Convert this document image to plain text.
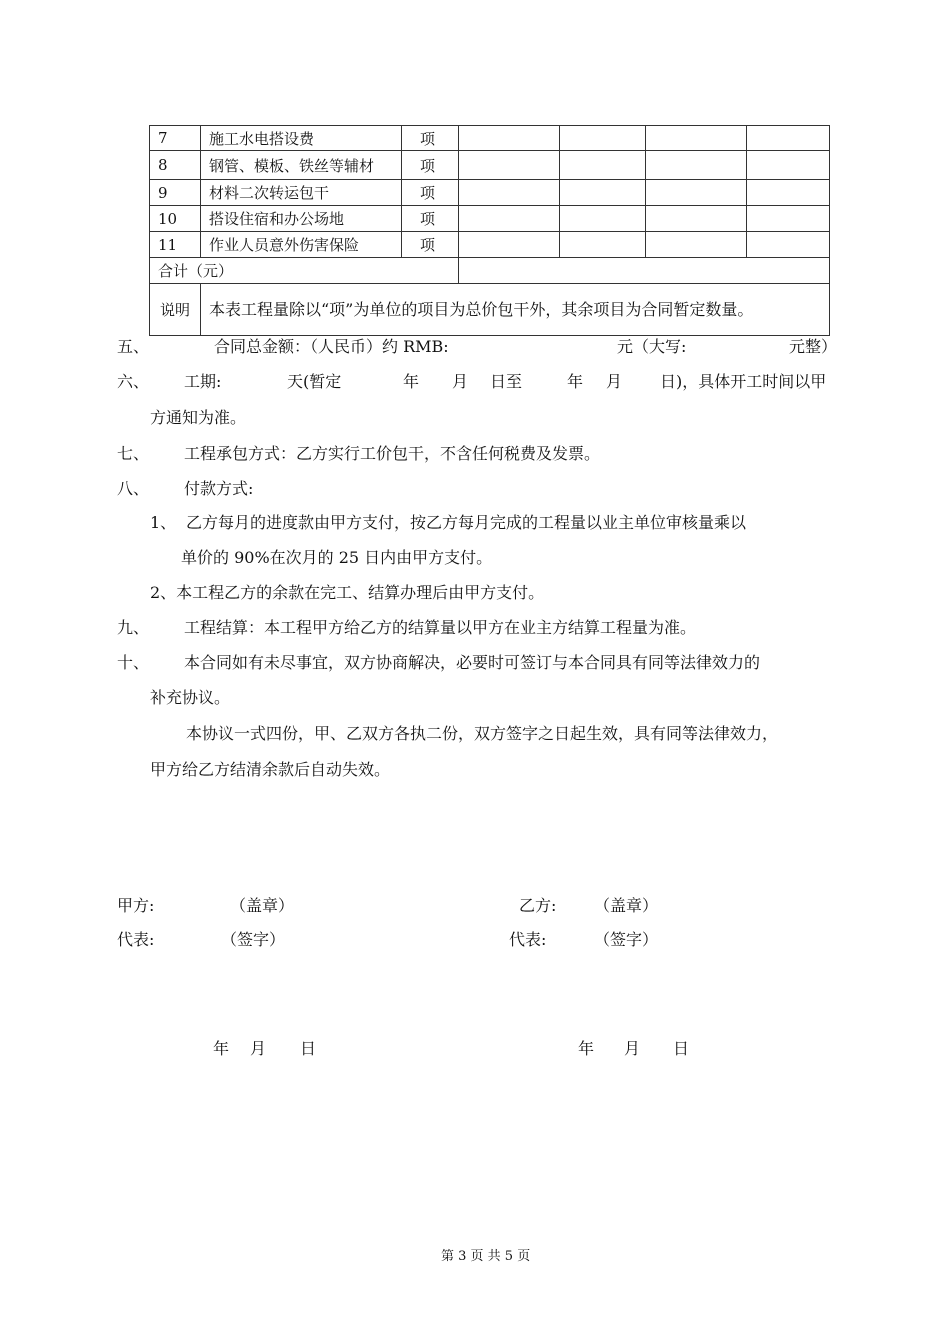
7	施工水电搭设费	项				
8	钢管、模板、铁丝等辅材	项				
9	材料二次转运包干	项				
10	搭设住宿和办公场地	项				
11	作业人员意外伤害保险	项				
合计（元）						
说明	本表工程量除以“项”为单位的项目为总价包干外，其余项目为合同暂定数量。					
五、	合同总金额：（人民币）约 RMB:	元（大写:	元整）
六、 工期:	天(暂定	年 月 日至	年 月 日)，具体开工时间以甲
方通知为准。
七、 工程承包方式：乙方实行工价包干，不含任何税费及发票。
八、 付款方式:
1、 乙方每月的进度款由甲方支付，按乙方每月完成的工程量以业主单位审核量乘以
单价的 90%在次月的 25 日内由甲方支付。
2、本工程乙方的余款在完工、结算办理后由甲方支付。
九、 工程结算：本工程甲方给乙方的结算量以甲方在业主方结算工程量为准。
十、 本合同如有未尽事宜，双方协商解决，必要时可签订与本合同具有同等法律效力的
补充协议。
本协议一式四份，甲、乙双方各执二份，双方签字之日起生效，具有同等法律效力，
甲方给乙方结清余款后自动失效。
甲方:	（盖章）	乙方: （盖章）
代表:	（签字）	代表:	（签字）
年 月 日	年 月 日
第 3 页 共 5 页
